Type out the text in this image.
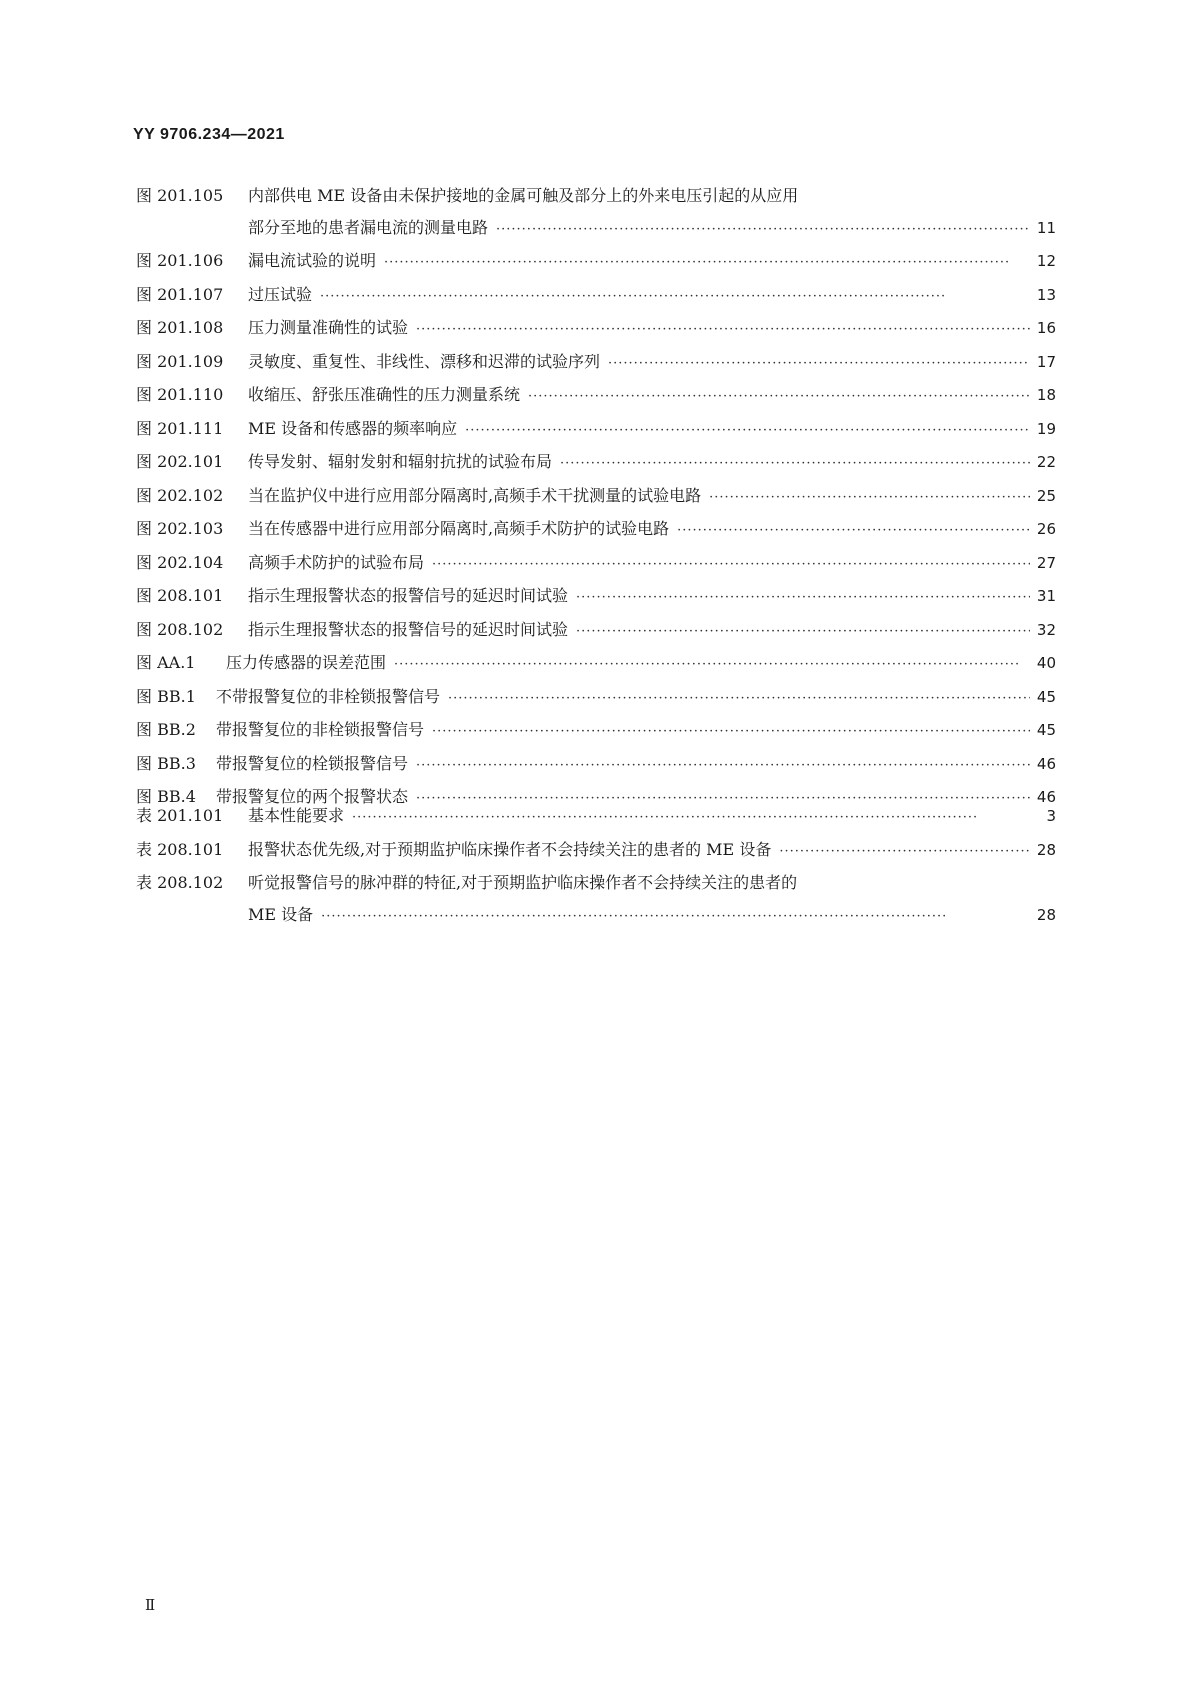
YY 9706.234—2021
图 201.105	内部供电 ME 设备由未保护接地的金属可触及部分上的外来电压引起的从应用
部分至地的患者漏电流的测量电路 ·····	11
图 201.106	漏电流试验的说明 ·····	12
图 201.107	过压试验 ·····	13
图 201.108	压力测量准确性的试验 ·····	16
图 201.109	灵敏度、重复性、非线性、漂移和迟滞的试验序列 ·····	17
图 201.110	收缩压、舒张压准确性的压力测量系统 ·····	18
图 201.111	ME 设备和传感器的频率响应 ·····	19
图 202.101	传导发射、辐射发射和辐射抗扰的试验布局 ·····	22
图 202.102	当在监护仪中进行应用部分隔离时,高频手术干扰测量的试验电路 ·····	25
图 202.103	当在传感器中进行应用部分隔离时,高频手术防护的试验电路 ·····	26
图 202.104	高频手术防护的试验布局 ·····	27
图 208.101	指示生理报警状态的报警信号的延迟时间试验 ·····	31
图 208.102	指示生理报警状态的报警信号的延迟时间试验 ·····	32
图 AA.1	压力传感器的误差范围 ·····	40
图 BB.1	不带报警复位的非栓锁报警信号 ·····	45
图 BB.2	带报警复位的非栓锁报警信号 ·····	45
图 BB.3	带报警复位的栓锁报警信号 ·····	46
图 BB.4	带报警复位的两个报警状态 ·····	46
表 201.101	基本性能要求 ·····	3
表 208.101	报警状态优先级,对于预期监护临床操作者不会持续关注的患者的 ME 设备 ·····	28
表 208.102	听觉报警信号的脉冲群的特征,对于预期监护临床操作者不会持续关注的患者的
ME 设备 ·····	28
Ⅱ
